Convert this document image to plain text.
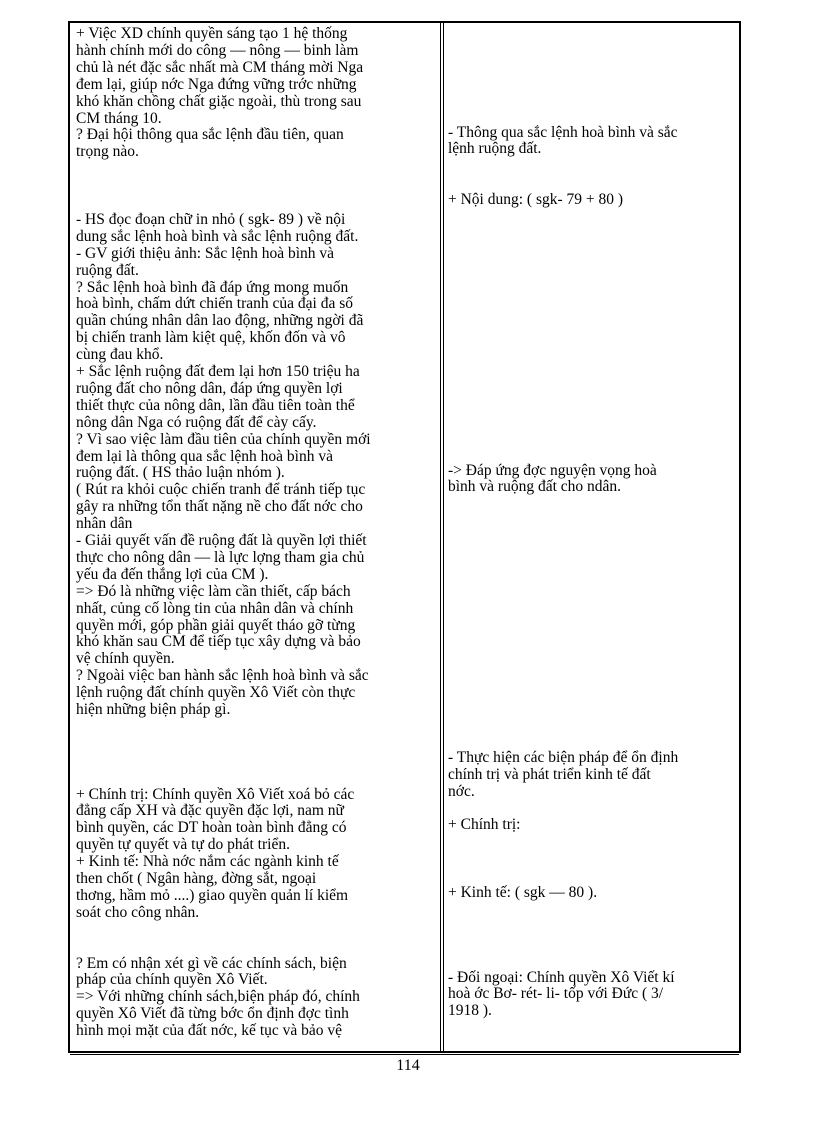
+ Việc XD chính quyền sáng tạo 1 hệ thống
hành chính mới do công — nông — binh làm
chủ là nét đặc sắc nhất mà CM tháng mời Nga
đem lại, giúp nớc Nga đứng vững trớc những
khó khăn chồng chất giặc ngoài, thù trong sau
CM tháng 10.
? Đại hội thông qua sắc lệnh đầu tiên, quan
trọng nào.
- HS đọc đoạn chữ in nhỏ ( sgk- 89 ) về nội
dung sắc lệnh hoà bình và sắc lệnh ruộng đất.
- GV giới thiệu ảnh: Sắc lệnh hoà bình và
ruộng đất.
? Sắc lệnh hoà bình đã đáp ứng mong muốn
hoà bình, chấm dứt chiến tranh của đại đa số
quần chúng nhân dân lao động, những ngời đã
bị chiến tranh làm kiệt quệ, khốn đốn và vô
cùng đau khổ.
+ Sắc lệnh ruộng đất đem lại hơn 150 triệu ha
ruộng đất cho nông dân, đáp ứng quyền lợi
thiết thực của nông dân, lần đầu tiên toàn thể
nông dân Nga có ruộng đất để cày cấy.
? Vì sao việc làm đầu tiên của chính quyền mới
đem lại là thông qua sắc lệnh hoà bình và
ruộng đất. ( HS thảo luận nhóm ).
( Rút ra khỏi cuộc chiến tranh để tránh tiếp tục
gây ra những tổn thất nặng nề cho đất nớc cho
nhân dân
- Giải quyết vấn đề ruộng đất là quyền lợi thiết
thực cho nông dân — là lực lợng tham gia chủ
yếu đa đến thắng lợi của CM ).
=> Đó là những việc làm cần thiết, cấp bách
nhất, củng cố lòng tin của nhân dân và chính
quyền mới, góp phần giải quyết tháo gỡ từng
khó khăn sau CM để tiếp tục xây dựng và bảo
vệ chính quyền.
? Ngoài việc ban hành sắc lệnh hoà bình và sắc
lệnh ruộng đất chính quyền Xô Viết còn thực
hiện những biện pháp gì.
+ Chính trị: Chính quyền Xô Viết xoá bỏ các
đẳng cấp XH và đặc quyền đặc lợi, nam nữ
bình quyền, các DT hoàn toàn bình đẳng có
quyền tự quyết và tự do phát triển.
+ Kinh tế: Nhà nớc nắm các ngành kinh tế
then chốt ( Ngân hàng, đờng sắt, ngoại
thơng, hầm mỏ ....) giao quyền quản lí kiểm
soát cho công nhân.
? Em có nhận xét gì về các chính sách, biện
pháp của chính quyền Xô Viết.
=> Với những chính sách,biện pháp đó, chính
quyền Xô Viết đã từng bớc ổn định đợc tình
hình mọi mặt của đất nớc, kế tục và bảo vệ
- Thông qua sắc lệnh hoà bình và sắc
lệnh ruộng đất.
+ Nội dung: ( sgk- 79 + 80 )
-> Đáp ứng đợc nguyện vọng hoà
bình và ruộng đất cho ndân.
- Thực hiện các biện pháp để ổn định
chính trị và phát triển kinh tế đất
nớc.
+ Chính trị:
+ Kinh tế: ( sgk — 80 ).
- Đối ngoại: Chính quyền Xô Viết kí
hoà ớc Bơ- rét- li- tốp với Đức ( 3/
1918 ).
114
